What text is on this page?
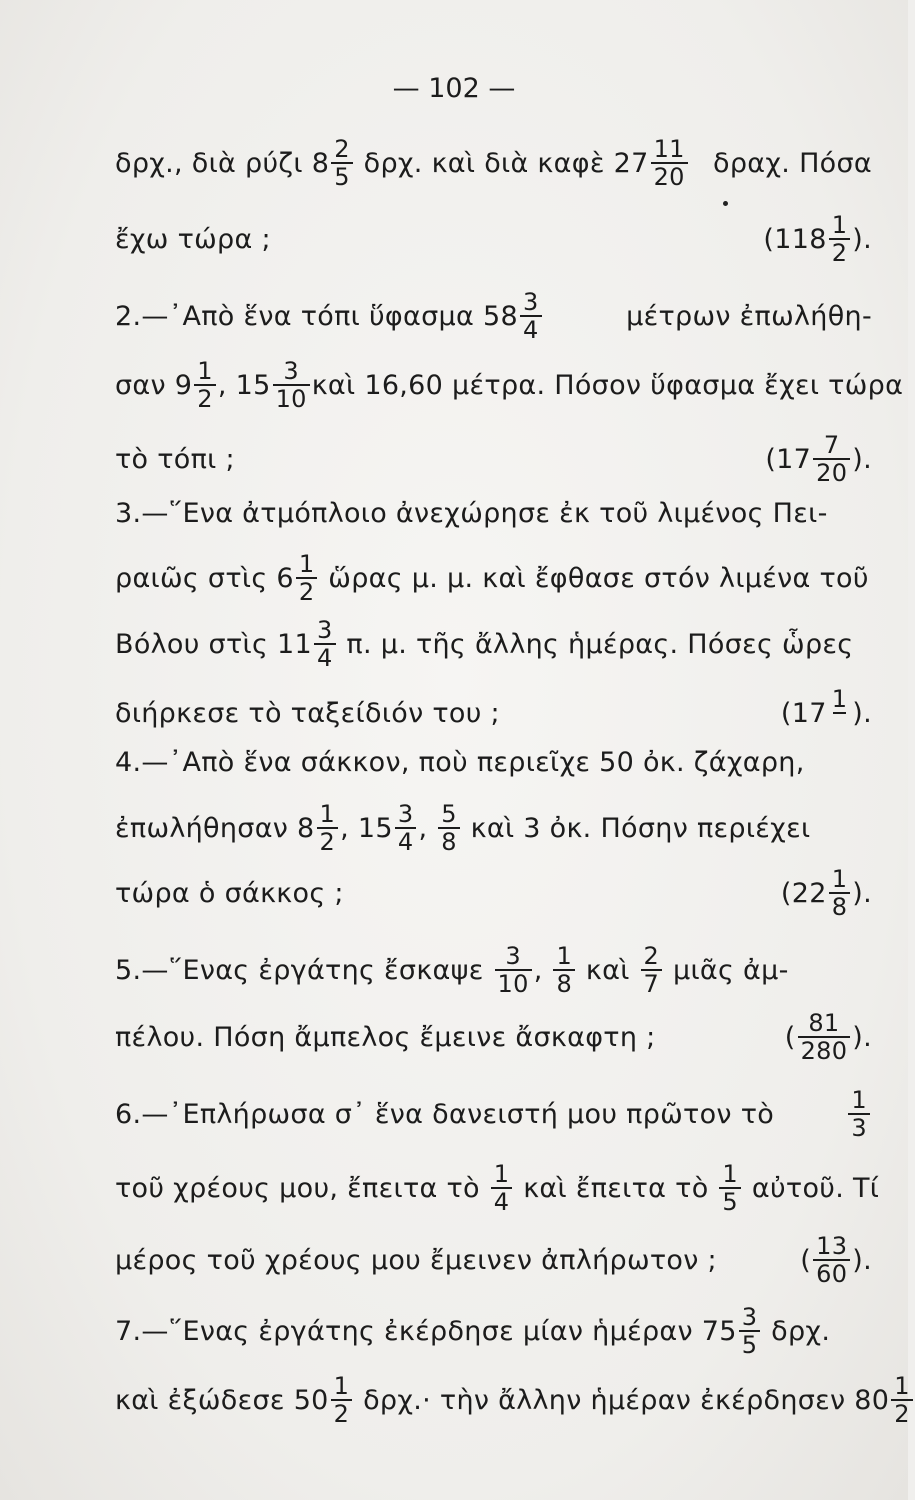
— 102 —
δρχ., διὰ ρύζι $8 \frac{2}{5} \delta\rho\chi$. καὶ διὰ καφὲ $27 \frac{11}{20} \delta\rho\alpha\chi$. Πόσα
ἔχω τώρα ;	($118 \frac{1}{2}$ ).
2.—᾿Απὸ ἕνα τόπι ὕφασμα $58 \frac{3}{4}$	μέτρων ἐπωλήθη-
σαν $9 \frac{1}{2}$ , $15 \frac{3}{10}$ καὶ 16,60 μέτρα. Πόσον ὕφασμα ἔχει τώρα
τὸ τόπι ;	($17 \frac{7}{20}$ ).
3.—῞Ενα ἀτμόπλοιο ἀνεχώρησε ἐκ τοῦ λιμένος Πει-
ραιῶς στὶς $6 \frac{1}{2}$ ὥρας μ. μ. καὶ ἔφθασε στόν λιμένα τοῦ
Βόλου στὶς $11 \frac{3}{4} \pi$. μ. τῆς ἄλλης ἡμέρας. Πόσες ὧρες
διήρκεσε τὸ ταξείδιόν του ;	(17 1
).
4.—᾿Απὸ ἕνα σάκκον, ποὺ περιεῖχε 50 ὀκ. ζάχαρη,
ἐπωλήθησαν $8 \frac{1}{2}$ , $15 \frac{3}{4}$ , $\frac{5}{8}$ καὶ 3 ὀκ. Πόσην περιέχει
τώρα ὁ σάκκος ;	($22 \frac{1}{8}$ ).
5.—῞Ενας ἐργάτης ἔσκαψε $\frac{3}{10}$ , $\frac{1}{8}$ καὶ $\frac{2}{7}$ μιᾶς ἀμ-
πέλου. Πόση ἄμπελος ἔμεινε ἄσκαφτη ;	( $\frac{81}{280}$ ).
6.—᾿Επλήρωσα σ᾿ ἕνα δανειστή μου πρῶτον τὸ	$\frac{1}{3}$
τοῦ χρέους μου, ἔπειτα τὸ $\frac{1}{4}$ καὶ ἔπειτα τὸ $\frac{1}{5}$ αὐτοῦ. Τί
μέρος τοῦ χρέους μου ἔμεινεν ἀπλήρωτον ;	( $\frac{13}{60}$ ).
7.—῞Ενας ἐργάτης ἐκέρδησε μίαν ἡμέραν $75 \frac{3}{5} \delta\rho\chi$.
καὶ ἐξώδεσε $50 \frac{1}{2} \delta\rho\chi.\cdot$ τὴν ἄλλην ἡμέραν ἐκέρδησεν $80 \frac{1}{2}$
